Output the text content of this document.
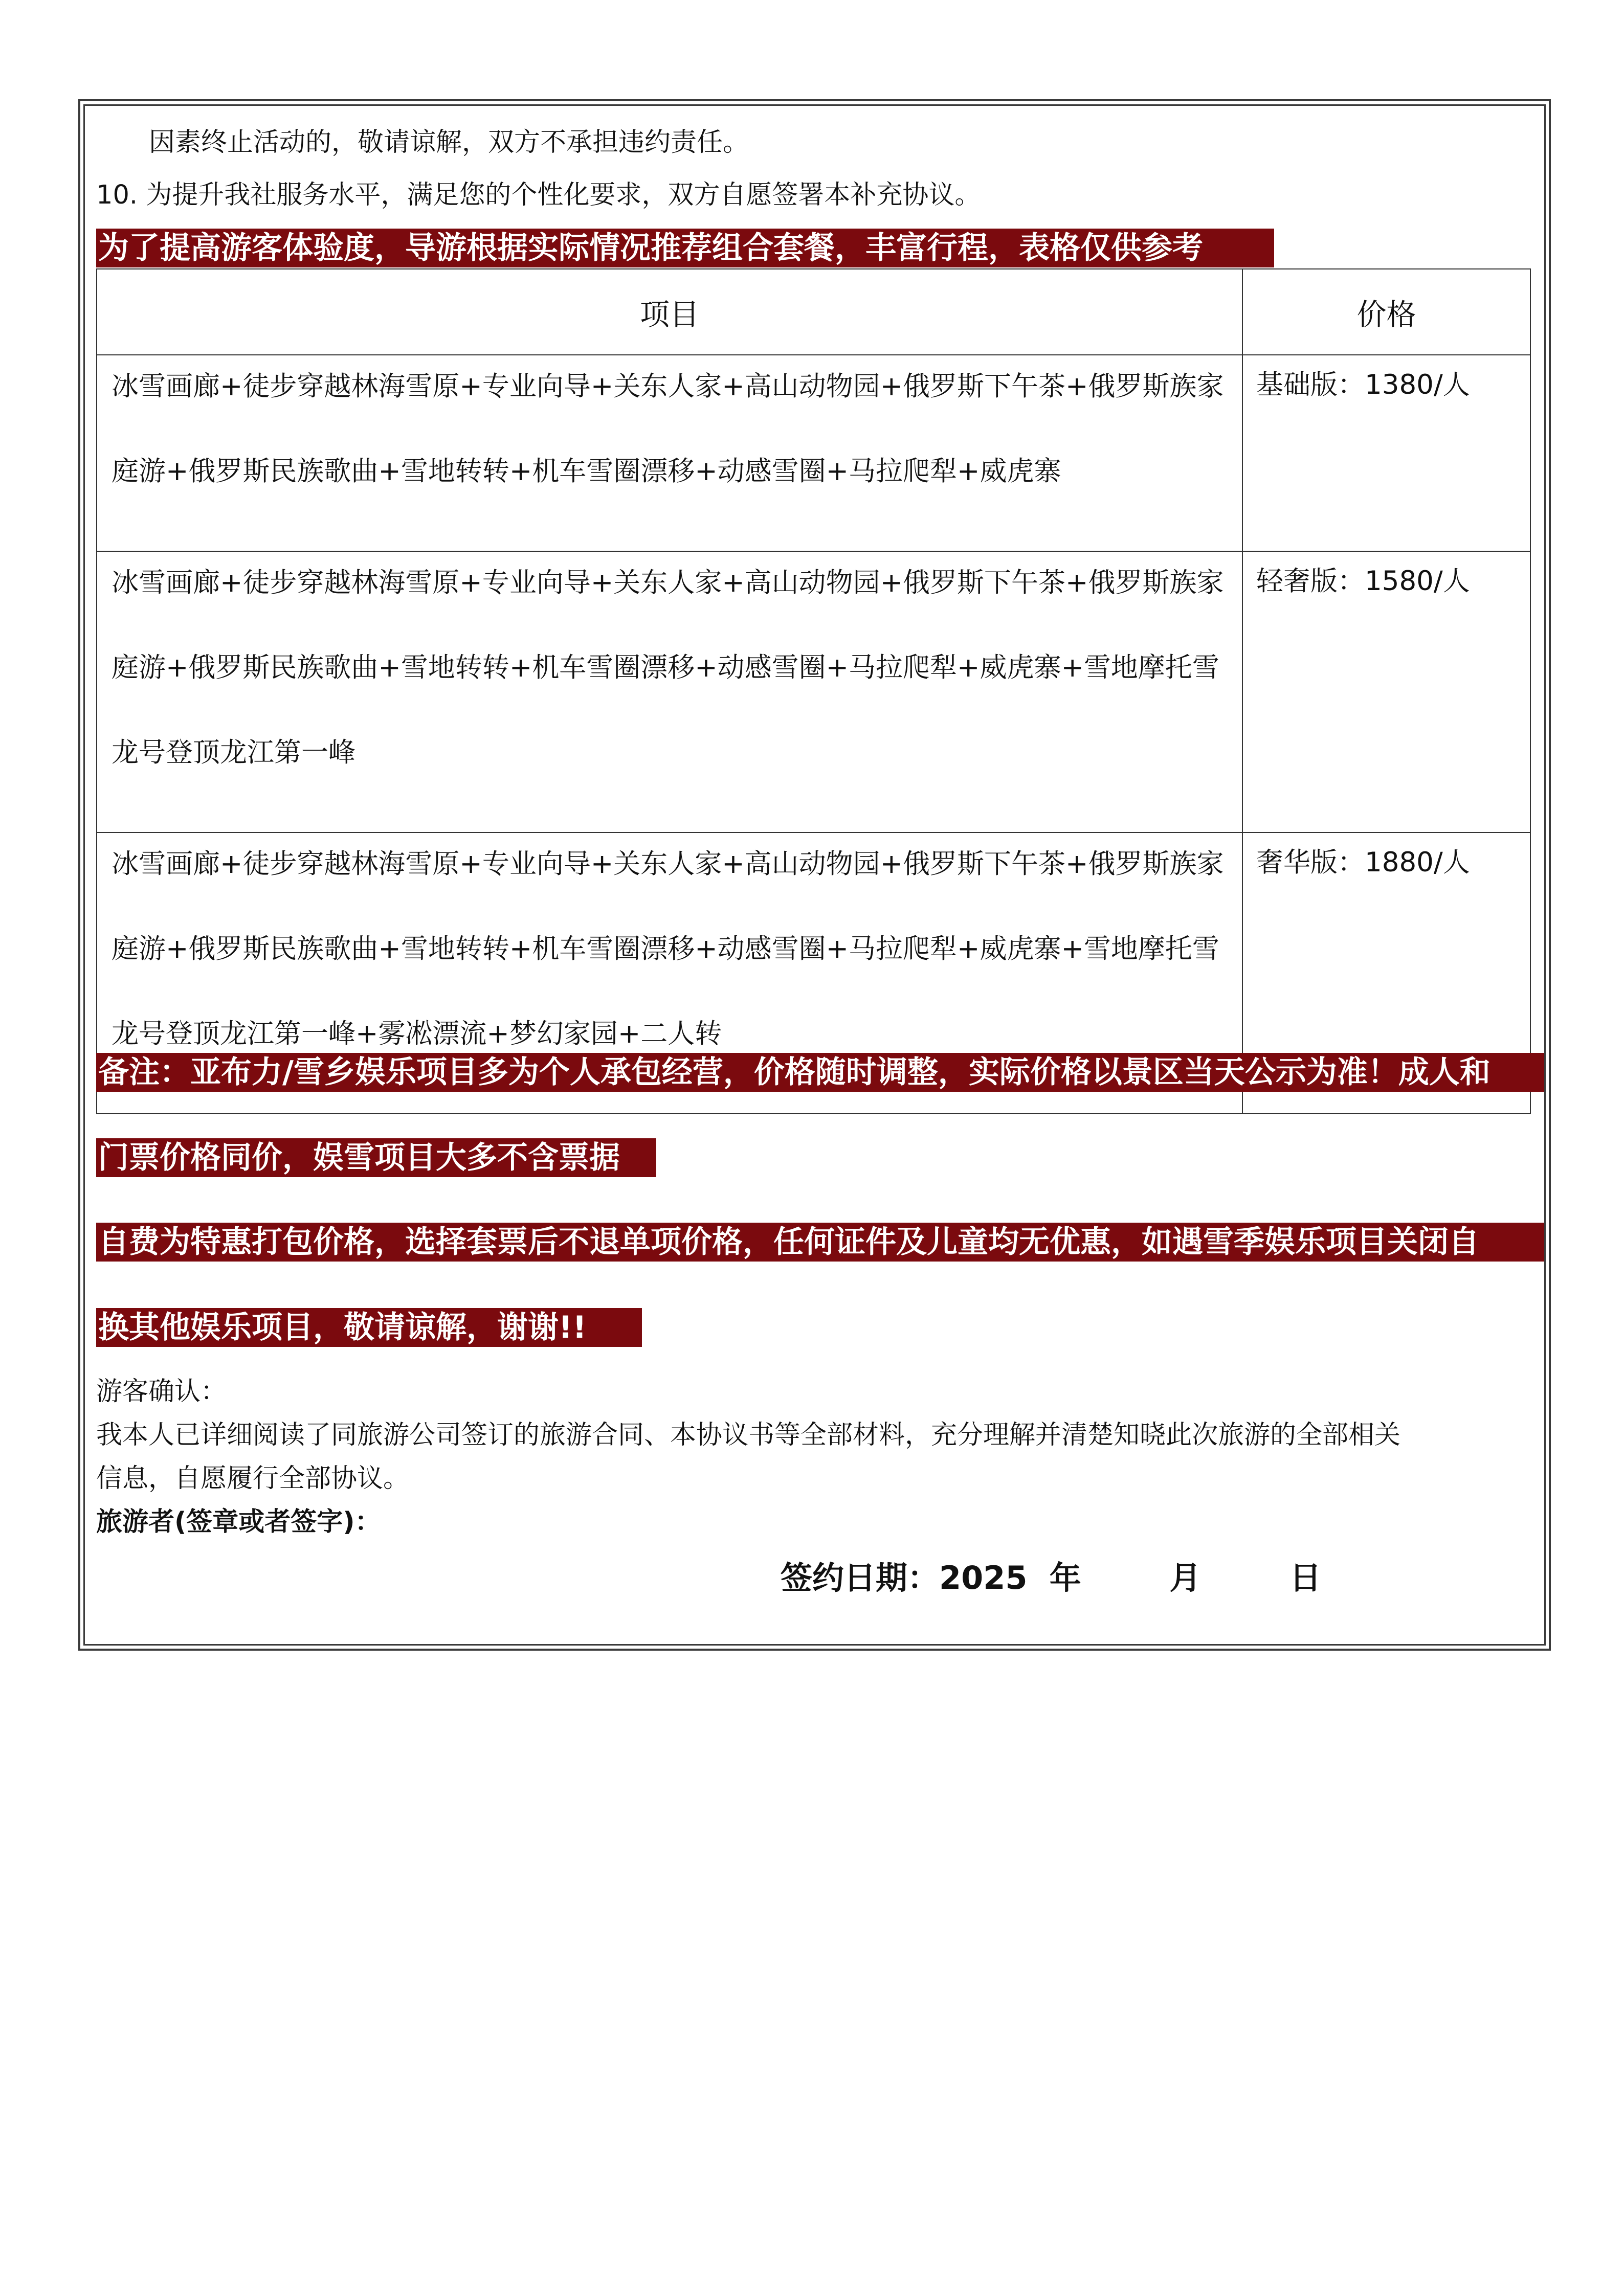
因素终止活动的，敬请谅解，双方不承担违约责任。
10. 为提升我社服务水平，满足您的个性化要求，双方自愿签署本补充协议。
为了提高游客体验度，导游根据实际情况推荐组合套餐，丰富行程，表格仅供参考
项目	价格

冰雪画廊+徒步穿越林海雪原+专业向导+关东人家+高山动物园+俄罗斯下午茶+俄罗斯族家庭游+俄罗斯民族歌曲+雪地转转+机车雪圈漂移+动感雪圈+马拉爬犁+威虎寨	基础版：1380/人

冰雪画廊+徒步穿越林海雪原+专业向导+关东人家+高山动物园+俄罗斯下午茶+俄罗斯族家庭游+俄罗斯民族歌曲+雪地转转+机车雪圈漂移+动感雪圈+马拉爬犁+威虎寨+雪地摩托雪龙号登顶龙江第一峰	轻奢版：1580/人

冰雪画廊+徒步穿越林海雪原+专业向导+关东人家+高山动物园+俄罗斯下午茶+俄罗斯族家庭游+俄罗斯民族歌曲+雪地转转+机车雪圈漂移+动感雪圈+马拉爬犁+威虎寨+雪地摩托雪龙号登顶龙江第一峰+雾凇漂流+梦幻家园+二人转	奢华版：1880/人
备注：亚布力/雪乡娱乐项目多为个人承包经营，价格随时调整，实际价格以景区当天公示为准！成人和
门票价格同价，娱雪项目大多不含票据
自费为特惠打包价格，选择套票后不退单项价格，任何证件及儿童均无优惠，如遇雪季娱乐项目关闭自
换其他娱乐项目，敬请谅解，谢谢!!
游客确认：
我本人已详细阅读了同旅游公司签订的旅游合同、本协议书等全部材料，充分理解并清楚知晓此次旅游的全部相关
信息，自愿履行全部协议。
旅游者(签章或者签字)：
签约日期：2025  年        月        日
